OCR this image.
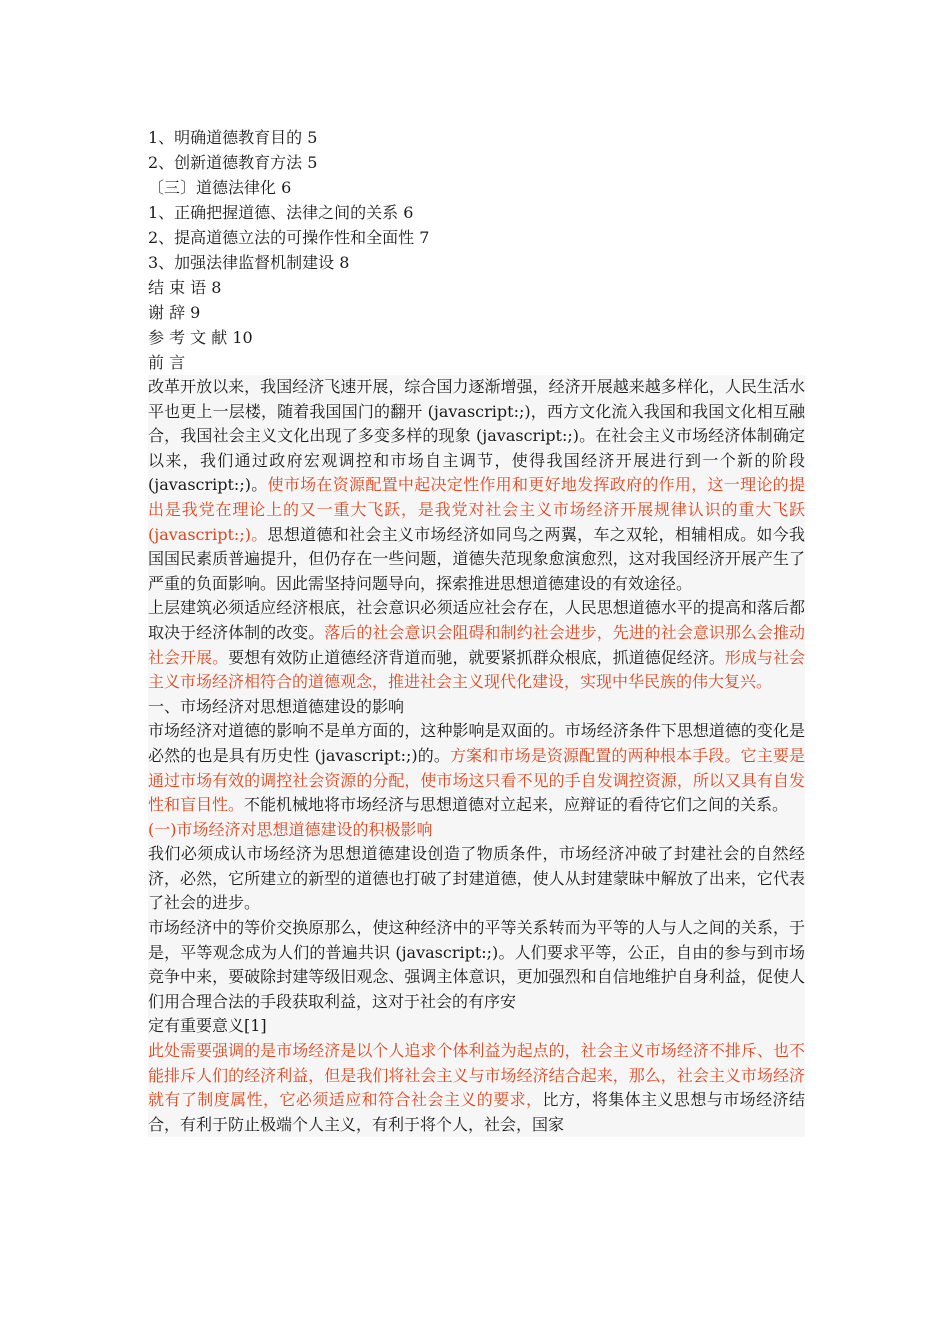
1、明确道德教育目的 5
2、创新道德教育方法 5
〔三〕道德法律化 6
1、正确把握道德、法律之间的关系 6
2、提高道德立法的可操作性和全面性 7
3、加强法律监督机制建设 8
结 束 语 8
谢 辞 9
参 考 文 献 10
前 言

改革开放以来，我国经济飞速开展，综合国力逐渐增强，经济开展越来越多样化，人民生活水平也更上一层楼，随着我国国门的翻开 (javascript:;)，西方文化流入我国和我国文化相互融合，我国社会主义文化出现了多变多样的现象 (javascript:;)。在社会主义市场经济体制确定以来，我们通过政府宏观调控和市场自主调节，使得我国经济开展进行到一个新的阶段 (javascript:;)。使市场在资源配置中起决定性作用和更好地发挥政府的作用，这一理论的提出是我党在理论上的又一重大飞跃，是我党对社会主义市场经济开展规律认识的重大飞跃 (javascript:;)。思想道德和社会主义市场经济如同鸟之两翼，车之双轮，相辅相成。如今我国国民素质普遍提升，但仍存在一些问题，道德失范现象愈演愈烈，这对我国经济开展产生了严重的负面影响。因此需坚持问题导向，探索推进思想道德建设的有效途径。

上层建筑必须适应经济根底，社会意识必须适应社会存在，人民思想道德水平的提高和落后都取决于经济体制的改变。落后的社会意识会阻碍和制约社会进步，先进的社会意识那么会推动社会开展。要想有效防止道德经济背道而驰，就要紧抓群众根底，抓道德促经济。形成与社会主义市场经济相符合的道德观念，推进社会主义现代化建设，实现中华民族的伟大复兴。

一、市场经济对思想道德建设的影响

市场经济对道德的影响不是单方面的，这种影响是双面的。市场经济条件下思想道德的变化是必然的也是具有历史性 (javascript:;)的。方案和市场是资源配置的两种根本手段。它主要是通过市场有效的调控社会资源的分配，使市场这只看不见的手自发调控资源，所以又具有自发性和盲目性。不能机械地将市场经济与思想道德对立起来，应辩证的看待它们之间的关系。

(一)市场经济对思想道德建设的积极影响

我们必须成认市场经济为思想道德建设创造了物质条件，市场经济冲破了封建社会的自然经济，必然，它所建立的新型的道德也打破了封建道德，使人从封建蒙昧中解放了出来，它代表了社会的进步。

市场经济中的等价交换原那么，使这种经济中的平等关系转而为平等的人与人之间的关系，于是，平等观念成为人们的普遍共识 (javascript:;)。人们要求平等，公正，自由的参与到市场竞争中来，要破除封建等级旧观念、强调主体意识，更加强烈和自信地维护自身利益，促使人们用合理合法的手段获取利益，这对于社会的有序安

定有重要意义[1]

此处需要强调的是市场经济是以个人追求个体利益为起点的，社会主义市场经济不排斥、也不能排斥人们的经济利益，但是我们将社会主义与市场经济结合起来，那么，社会主义市场经济就有了制度属性，它必须适应和符合社会主义的要求，比方，将集体主义思想与市场经济结合，有利于防止极端个人主义，有利于将个人，社会，国家
